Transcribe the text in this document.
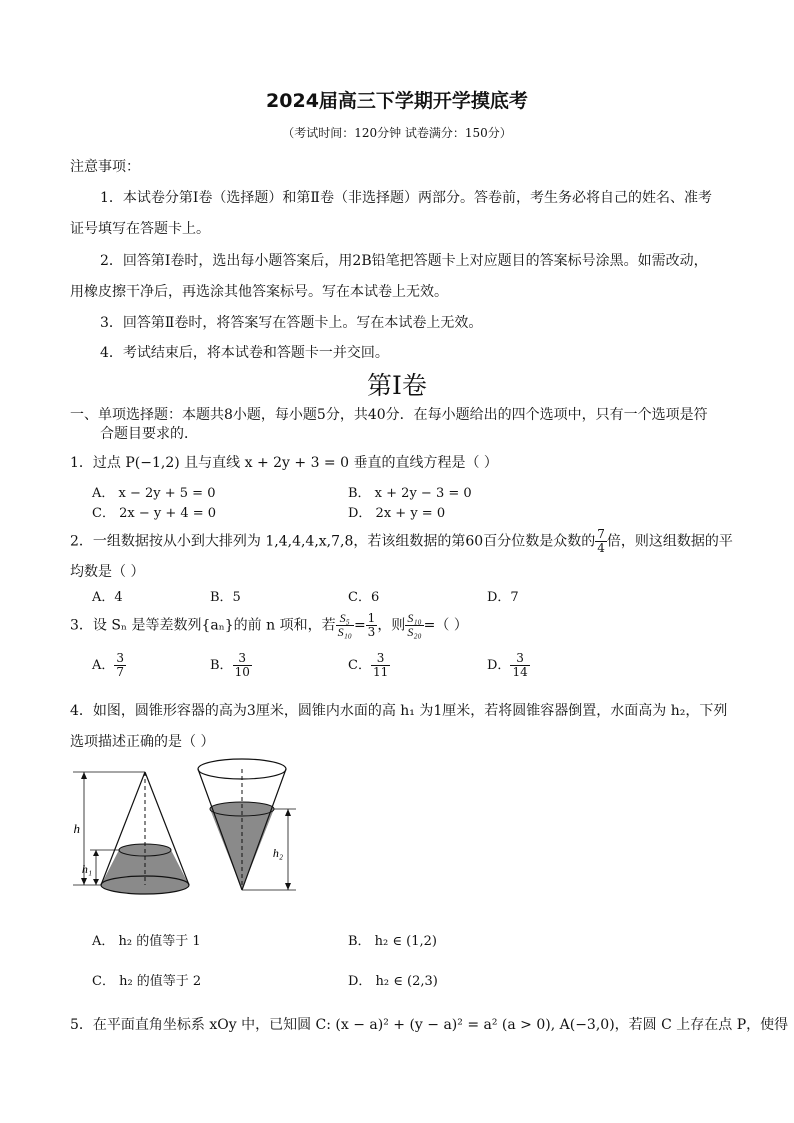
2024届高三下学期开学摸底考
（考试时间：120分钟 试卷满分：150分）
注意事项：
1．本试卷分第Ⅰ卷（选择题）和第Ⅱ卷（非选择题）两部分。答卷前，考生务必将自己的姓名、准考
证号填写在答题卡上。
2．回答第Ⅰ卷时，选出每小题答案后，用2B铅笔把答题卡上对应题目的答案标号涂黑。如需改动，
用橡皮擦干净后，再选涂其他答案标号。写在本试卷上无效。
3．回答第Ⅱ卷时，将答案写在答题卡上。写在本试卷上无效。
4．考试结束后，将本试卷和答题卡一并交回。
第Ⅰ卷
一、单项选择题：本题共8小题，每小题5分，共40分．在每小题给出的四个选项中，只有一个选项是符
合题目要求的．
1．过点 P(−1,2) 且与直线 x + 2y + 3 = 0 垂直的直线方程是（ ）
A． x − 2y + 5 = 0	B． x + 2y − 3 = 0
C． 2x − y + 4 = 0	D． 2x + y = 0
2．一组数据按从小到大排列为 1,4,4,4,x,7,8，若该组数据的第60百分位数是众数的 $\frac{7}{4}$ 倍，则这组数据的平
均数是（ ）
A．4	B．5	C．6	D．7
3．设 Sₙ 是等差数列{aₙ}的前 n 项和，若 $\frac{\text{S₅}}{\text{S₁₀}} = \frac{1}{3}$ ，则 $\frac{\text{S₁₀}}{\text{S₂₀}}$ =（ ）
A． $\frac{3}{7}$	B． $\frac{3}{10}$	C． $\frac{3}{11}$	D． $\frac{3}{14}$
4．如图，圆锥形容器的高为3厘米，圆锥内水面的高 h₁ 为1厘米，若将圆锥容器倒置，水面高为 h₂，下列
选项描述正确的是（ ）
h
h₁
h₂
A． h₂ 的值等于 1	B． h₂ ∈ (1,2)
C． h₂ 的值等于 2	D． h₂ ∈ (2,3)
5．在平面直角坐标系 xOy 中，已知圆 C: (x − a)² + (y − a)² = a² (a > 0), A(−3,0)，若圆 C 上存在点 P，使得
